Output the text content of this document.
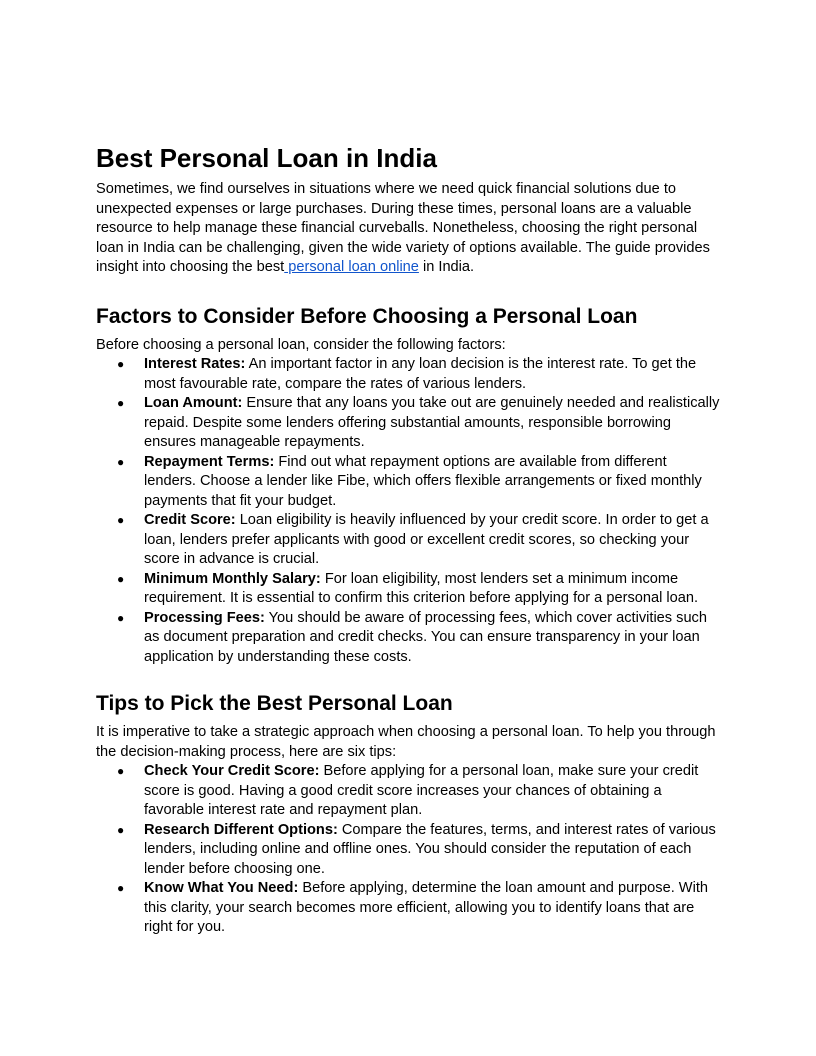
Best Personal Loan in India

Sometimes, we find ourselves in situations where we need quick financial solutions due to unexpected expenses or large purchases. During these times, personal loans are a valuable resource to help manage these financial curveballs. Nonetheless, choosing the right personal loan in India can be challenging, given the wide variety of options available. The guide provides insight into choosing the best personal loan online in India.

Factors to Consider Before Choosing a Personal Loan

Before choosing a personal loan, consider the following factors:

● Interest Rates: An important factor in any loan decision is the interest rate. To get the most favourable rate, compare the rates of various lenders.
● Loan Amount: Ensure that any loans you take out are genuinely needed and realistically repaid. Despite some lenders offering substantial amounts, responsible borrowing ensures manageable repayments.
● Repayment Terms: Find out what repayment options are available from different lenders. Choose a lender like Fibe, which offers flexible arrangements or fixed monthly payments that fit your budget.
● Credit Score: Loan eligibility is heavily influenced by your credit score. In order to get a loan, lenders prefer applicants with good or excellent credit scores, so checking your score in advance is crucial.
● Minimum Monthly Salary: For loan eligibility, most lenders set a minimum income requirement. It is essential to confirm this criterion before applying for a personal loan.
● Processing Fees: You should be aware of processing fees, which cover activities such as document preparation and credit checks. You can ensure transparency in your loan application by understanding these costs.
Tips to Pick the Best Personal Loan

It is imperative to take a strategic approach when choosing a personal loan. To help you through the decision-making process, here are six tips:

● Check Your Credit Score: Before applying for a personal loan, make sure your credit score is good. Having a good credit score increases your chances of obtaining a favorable interest rate and repayment plan.
● Research Different Options: Compare the features, terms, and interest rates of various lenders, including online and offline ones. You should consider the reputation of each lender before choosing one.
● Know What You Need: Before applying, determine the loan amount and purpose. With this clarity, your search becomes more efficient, allowing you to identify loans that are right for you.
